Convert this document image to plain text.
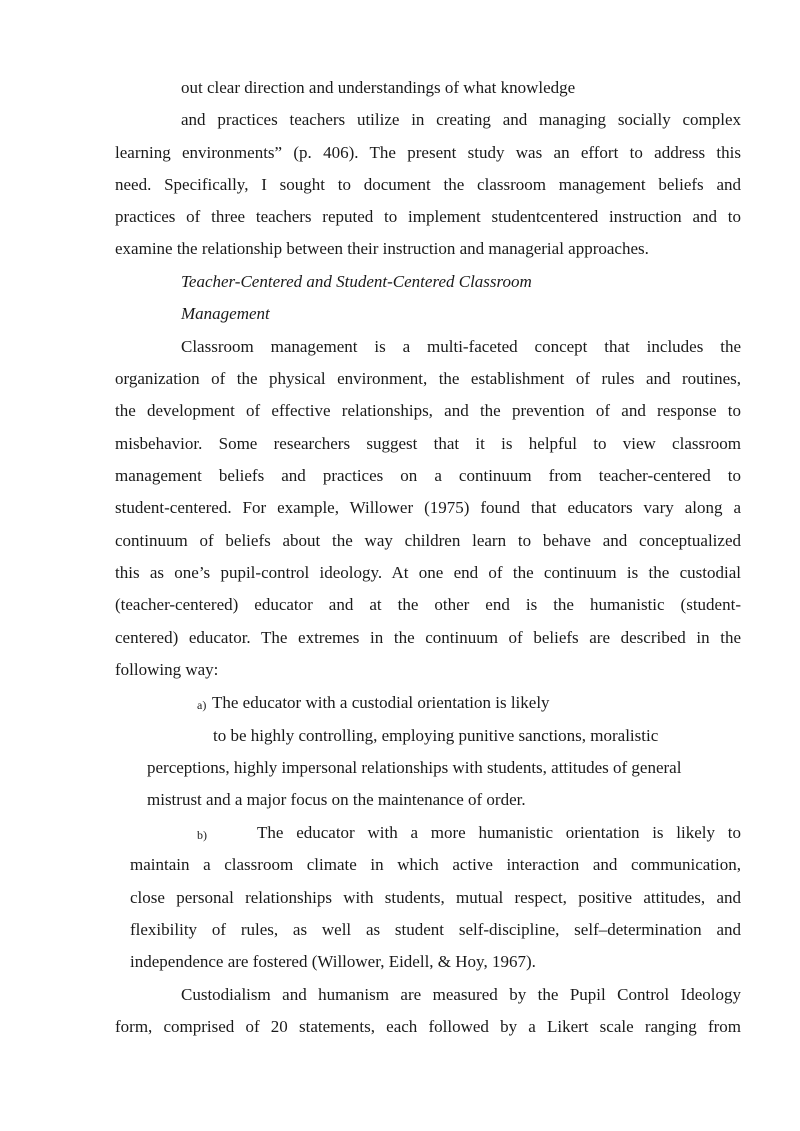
out clear direction and understandings of what knowledge
and practices teachers utilize in creating and managing socially complex
learning environments” (p. 406). The present study was an effort to address this
need. Specifically, I sought to document the classroom management beliefs and
practices of three teachers reputed to implement studentcentered instruction and to
examine the relationship between their instruction and managerial approaches.
Teacher-Centered and Student-Centered Classroom
Management
Classroom management is a multi-faceted concept that includes the
organization of the physical environment, the establishment of rules and routines,
the development of effective relationships, and the prevention of and response to
misbehavior. Some researchers suggest that it is helpful to view classroom
management beliefs and practices on a continuum from teacher-centered to
student-centered. For example, Willower (1975) found that educators vary along a
continuum of beliefs about the way children learn to behave and conceptualized
this as one’s pupil-control ideology. At one end of the continuum is the custodial
(teacher-centered) educator and at the other end is the humanistic (student-
centered) educator. The extremes in the continuum of beliefs are described in the
following way:
a) The educator with a custodial orientation is likely
to be highly controlling, employing punitive sanctions, moralistic
perceptions, highly impersonal relationships with students, attitudes of general
mistrust and a major focus on the maintenance of order.
b)	The educator with a more humanistic orientation is likely to
maintain a classroom climate in which active interaction and communication,
close personal relationships with students, mutual respect, positive attitudes, and
flexibility of rules, as well as student self-discipline, self–determination and
independence are fostered (Willower, Eidell, & Hoy, 1967).
Custodialism and humanism are measured by the Pupil Control Ideology
form, comprised of 20 statements, each followed by a Likert scale ranging from
